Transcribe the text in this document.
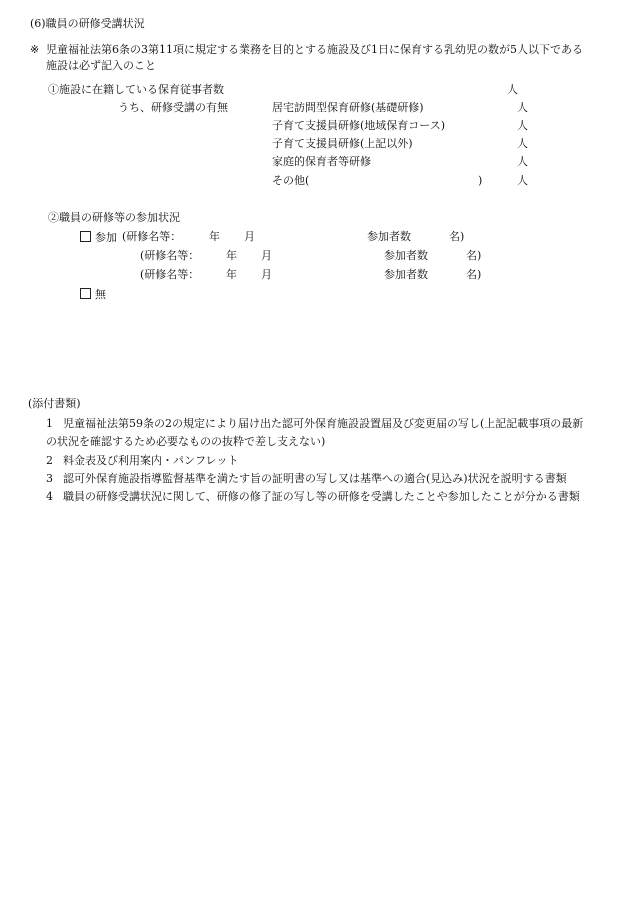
(6)職員の研修受講状況
※ 児童福祉法第6条の3第11項に規定する業務を目的とする施設及び1日に保育する乳幼児の数が5人以下である
施設は必ず記入のこと
①施設に在籍している保育従事者数	人
うち、研修受講の有無	居宅訪問型保育研修(基礎研修)	人
子育て支援員研修(地域保育コース)	人
子育て支援員研修(上記以外)	人
家庭的保育者等研修	人
その他(	)	人
②職員の研修等の参加状況
参加 (研修名等：	年 月	参加者数	名)
(研修名等： 年 月	参加者数	名)
(研修名等： 年 月	参加者数	名)
無
(添付書類)
1 児童福祉法第59条の2の規定により届け出た認可外保育施設設置届及び変更届の写し(上記記載事項の最新
の状況を確認するため必要なものの抜粋で差し支えない)
2 料金表及び利用案内・パンフレット
3 認可外保育施設指導監督基準を満たす旨の証明書の写し又は基準への適合(見込み)状況を説明する書類
4 職員の研修受講状況に関して、研修の修了証の写し等の研修を受講したことや参加したことが分かる書類
